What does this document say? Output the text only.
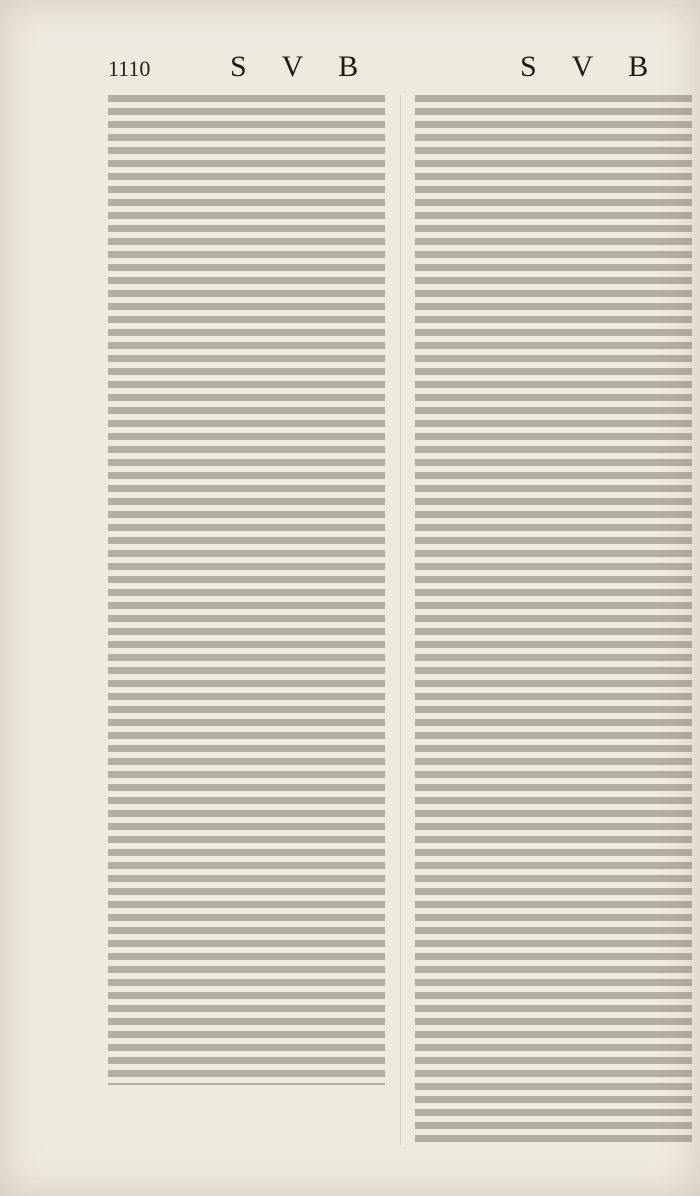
1110	S V B	S V B
